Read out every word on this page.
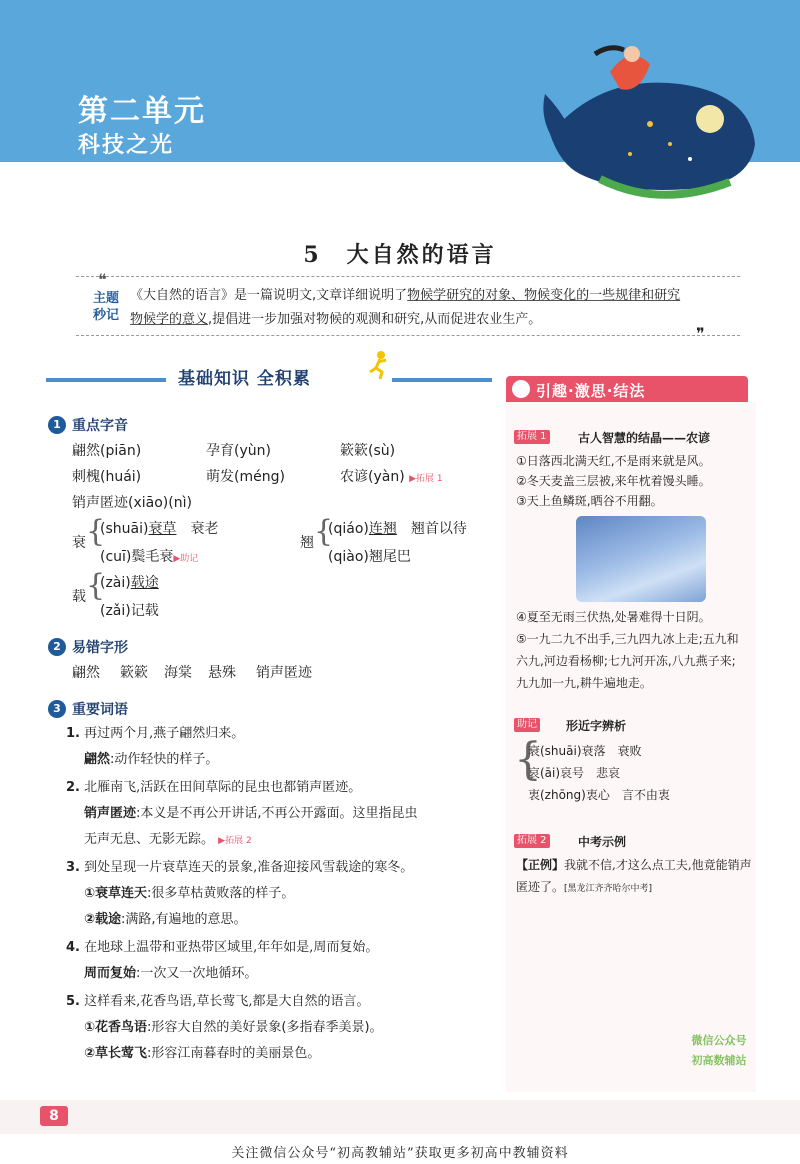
第二单元
科技之光
5　大自然的语言
❝
❞
主题
秒记
《大自然的语言》是一篇说明文,文章详细说明了物候学研究的对象、物候变化的一些规律和研究
物候学的意义,提倡进一步加强对物候的观测和研究,从而促进农业生产。
基础知识 全积累
引趣·激思·结法
1 重点字音
翩然(piān)	孕育(yùn)	簌簌(sù)
刺槐(huái)	萌发(méng)	农谚(yàn) ▶拓展 1
销声匿迹(xiāo)(nì)
衰 {
(shuāi)衰草　 衰老
(cuī)鬓毛衰▶助记
翘 {
(qiáo)连翘　 翘首以待
(qiào)翘尾巴
载 {
(zài)载途
(zǎi)记载
2 易错字形
翩然 簌簌 海棠 悬殊 销声匿迹
3 重要词语
1. 再过两个月,燕子翩然归来。
翩然:动作轻快的样子。
2. 北雁南飞,活跃在田间草际的昆虫也都销声匿迹。
销声匿迹:本义是不再公开讲话,不再公开露面。这里指昆虫
无声无息、无影无踪。 ▶拓展 2
3. 到处呈现一片衰草连天的景象,准备迎接风雪载途的寒冬。
①衰草连天:很多草枯黄败落的样子。
②载途:满路,有遍地的意思。
4. 在地球上温带和亚热带区域里,年年如是,周而复始。
周而复始:一次又一次地循环。
5. 这样看来,花香鸟语,草长莺飞,都是大自然的语言。
①花香鸟语:形容大自然的美好景象(多指春季美景)。
②草长莺飞:形容江南暮春时的美丽景色。
拓展 1	古人智慧的结晶——农谚
①日落西北满天红,不是雨来就是风。
②冬天麦盖三层被,来年枕着馒头睡。
③天上鱼鳞斑,晒谷不用翻。
④夏至无雨三伏热,处暑难得十日阴。
⑤一九二九不出手,三九四九冰上走;五九和
六九,河边看杨柳;七九河开冻,八九燕子来;
九九加一九,耕牛遍地走。
助记 形近字辨析
{
衰(shuāi)衰落　衰败
哀(āi)哀号　悲哀
衷(zhōng)衷心　言不由衷
拓展 2	中考示例
【正例】我就不信,才这么点工夫,他竟能销声
匿迹了。[黑龙江齐齐哈尔中考]
微信公众号
初高数辅站
8
关注微信公众号“初高教辅站”获取更多初高中教辅资料
